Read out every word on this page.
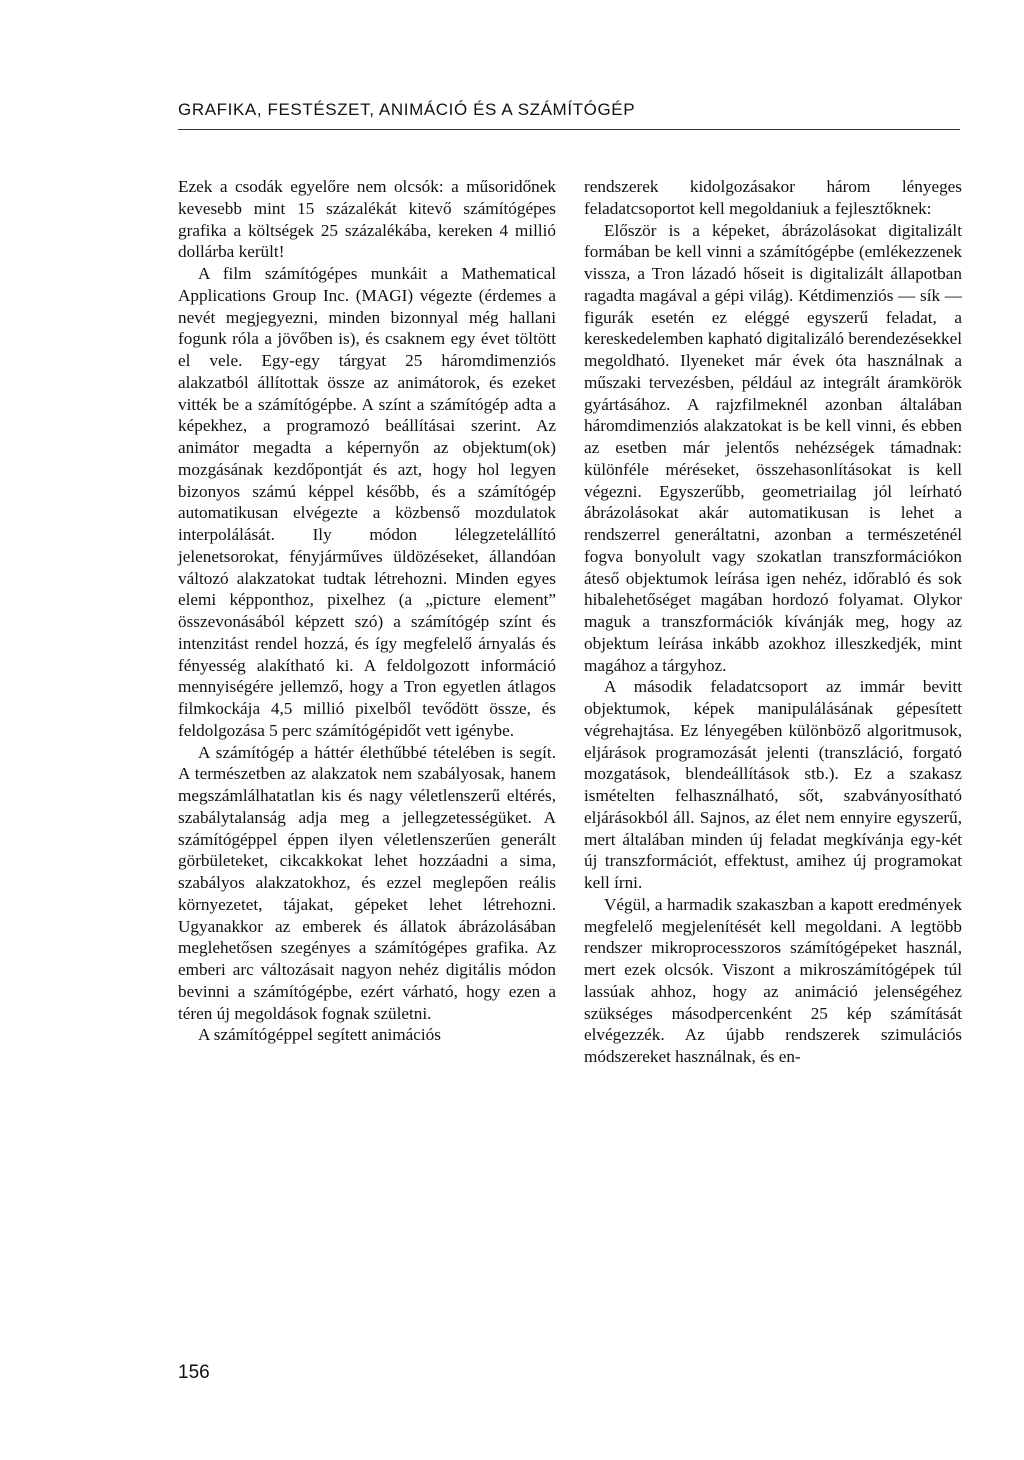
GRAFIKA, FESTÉSZET, ANIMÁCIÓ ÉS A SZÁMÍTÓGÉP

Ezek a csodák egyelőre nem olcsók: a műsoridőnek kevesebb mint 15 százalékát kitevő számítógépes grafika a költségek 25 százalékába, kereken 4 millió dollárba került!

A film számítógépes munkáit a Mathematical Applications Group Inc. (MAGI) végezte (érdemes a nevét megjegyezni, minden bizonnyal még hallani fogunk róla a jövőben is), és csaknem egy évet töltött el vele. Egy-egy tárgyat 25 háromdimenziós alakzatból állítottak össze az animátorok, és ezeket vitték be a számítógépbe. A színt a számítógép adta a képekhez, a programozó beállításai szerint. Az animátor megadta a képernyőn az objektum(ok) mozgásának kezdőpontját és azt, hogy hol legyen bizonyos számú képpel később, és a számítógép automatikusan elvégezte a közbenső mozdulatok interpolálását. Ily módon lélegzetelállító jelenetsorokat, fényjárműves üldözéseket, állandóan változó alakzatokat tudtak létrehozni. Minden egyes elemi képponthoz, pixelhez (a „picture element” összevonásából képzett szó) a számítógép színt és intenzitást rendel hozzá, és így megfelelő árnyalás és fényesség alakítható ki. A feldolgozott információ mennyiségére jellemző, hogy a Tron egyetlen átlagos filmkockája 4,5 millió pixelből tevődött össze, és feldolgozása 5 perc számítógépidőt vett igénybe.

A számítógép a háttér élethűbbé tételében is segít. A természetben az alakzatok nem szabályosak, hanem megszámlálhatatlan kis és nagy véletlenszerű eltérés, szabálytalanság adja meg a jellegzetességüket. A számítógéppel éppen ilyen véletlenszerűen generált görbületeket, cikcakkokat lehet hozzáadni a sima, szabályos alakzatokhoz, és ezzel meglepően reális környezetet, tájakat, gépeket lehet létrehozni. Ugyanakkor az emberek és állatok ábrázolásában meglehetősen szegényes a számítógépes grafika. Az emberi arc változásait nagyon nehéz digitális módon bevinni a számítógépbe, ezért várható, hogy ezen a téren új megoldások fognak születni.

A számítógéppel segített animációs

rendszerek kidolgozásakor három lényeges feladatcsoportot kell megoldaniuk a fejlesztőknek:

Először is a képeket, ábrázolásokat digitalizált formában be kell vinni a számítógépbe (emlékezzenek vissza, a Tron lázadó hőseit is digitalizált állapotban ragadta magával a gépi világ). Kétdimenziós — sík — figurák esetén ez eléggé egyszerű feladat, a kereskedelemben kapható digitalizáló berendezésekkel megoldható. Ilyeneket már évek óta használnak a műszaki tervezésben, például az integrált áramkörök gyártásához. A rajzfilmeknél azonban általában háromdimenziós alakzatokat is be kell vinni, és ebben az esetben már jelentős nehézségek támadnak: különféle méréseket, összehasonlításokat is kell végezni. Egyszerűbb, geometriailag jól leírható ábrázolásokat akár automatikusan is lehet a rendszerrel generáltatni, azonban a természeténél fogva bonyolult vagy szokatlan transzformációkon áteső objektumok leírása igen nehéz, időrabló és sok hibalehetőséget magában hordozó folyamat. Olykor maguk a transzformációk kívánják meg, hogy az objektum leírása inkább azokhoz illeszkedjék, mint magához a tárgyhoz.

A második feladatcsoport az immár bevitt objektumok, képek manipulálásának gépesített végrehajtása. Ez lényegében különböző algoritmusok, eljárások programozását jelenti (transzláció, forgató mozgatások, blendeállítások stb.). Ez a szakasz ismételten felhasználható, sőt, szabványosítható eljárásokból áll. Sajnos, az élet nem ennyire egyszerű, mert általában minden új feladat megkívánja egy-két új transzformációt, effektust, amihez új programokat kell írni.

Végül, a harmadik szakaszban a kapott eredmények megfelelő megjelenítését kell megoldani. A legtöbb rendszer mikroprocesszoros számítógépeket használ, mert ezek olcsók. Viszont a mikroszámítógépek túl lassúak ahhoz, hogy az animáció jelenségéhez szükséges másodpercenként 25 kép számítását elvégezzék. Az újabb rendszerek szimulációs módszereket használnak, és en-

156
